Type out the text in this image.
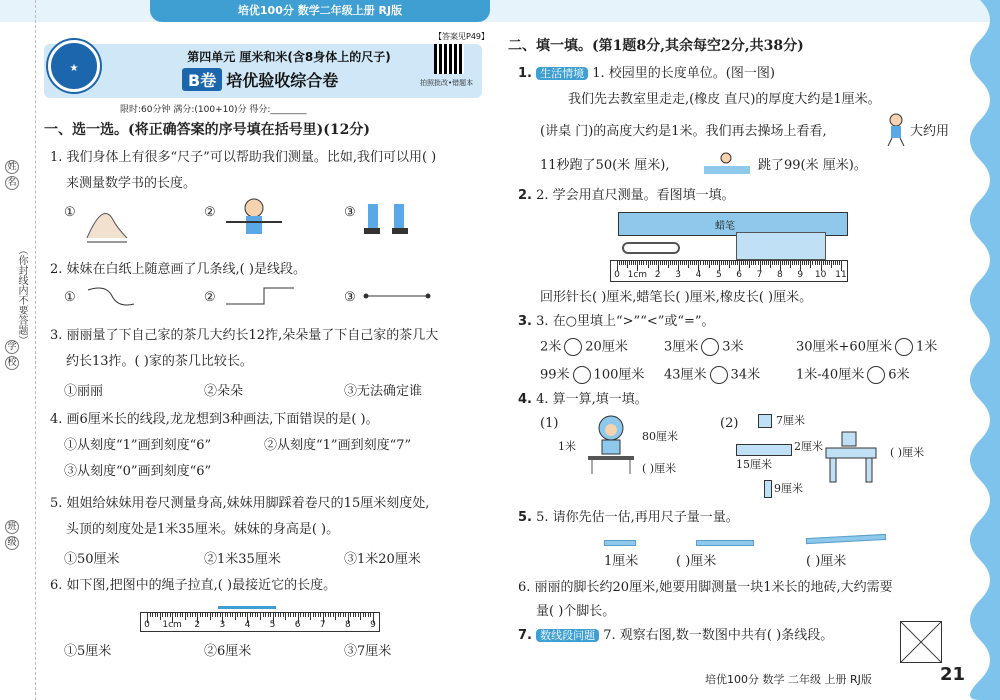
培优100分 数学二年级上册 RJ版
（你封线内不要答题）
姓
名
学
校
班
级
★
第四单元 厘米和米(含8身体上的尺子)
B卷 培优验收综合卷
【答案见P49】
拍照批改•错题本
限时:60分钟 满分:(100+10)分 得分:________
一、选一选。(将正确答案的序号填在括号里)(12分)
1. 我们身体上有很多“尺子”可以帮助我们测量。比如,我们可以用( )
来测量数学书的长度。
①	②	③
2. 妹妹在白纸上随意画了几条线,( )是线段。
①	②	③
3. 丽丽量了下自己家的茶几大约长12拃,朵朵量了下自己家的茶几大
约长13拃。( )家的茶几比较长。
①丽丽	②朵朵	③无法确定谁
4. 画6厘米长的线段,龙龙想到3种画法,下面错误的是( )。
①从刻度“1”画到刻度“6”	②从刻度“1”画到刻度“7”
③从刻度“0”画到刻度“6”
5. 姐姐给妹妹用卷尺测量身高,妹妹用脚踩着卷尺的15厘米刻度处,
头顶的刻度处是1米35厘米。妹妹的身高是( )。
①50厘米	②1米35厘米	③1米20厘米
6. 如下图,把图中的绳子拉直,( )最接近它的长度。
0 1cm 2 3 4 5 6 7 8 9
①5厘米	②6厘米	③7厘米
二、填一填。(第1题8分,其余每空2分,共38分)
1. 生活情境 1. 校园里的长度单位。(图一图)
我们先去教室里走走,(橡皮 直尺)的厚度大约是1厘米。
(讲桌 门)的高度大约是1米。我们再去操场上看看,	大约用
11秒跑了50(米 厘米),	跳了99(米 厘米)。
2. 2. 学会用直尺测量。看图填一填。
蜡笔
0 1cm 2 3 4 5 6 7 8 9 10 11
回形针长( )厘米,蜡笔长( )厘米,橡皮长( )厘米。
3. 3. 在○里填上“>”“<”或“=”。
2米 20厘米	3厘米 3米	30厘米+60厘米 1米
99米 100厘米 43厘米 34米	1米-40厘米 6米
4. 4. 算一算,填一填。
(1)
1米
80厘米
( )厘米
(2)	7厘米
2厘米
15厘米
9厘米
( )厘米
5. 5. 请你先估一估,再用尺子量一量。
1厘米	( )厘米	( )厘米
6. 丽丽的脚长约20厘米,她要用脚测量一块1米长的地砖,大约需要
量( )个脚长。
7. 数线段问题 7. 观察右图,数一数图中共有( )条线段。
培优100分 数学 二年级 上册 RJ版	21
